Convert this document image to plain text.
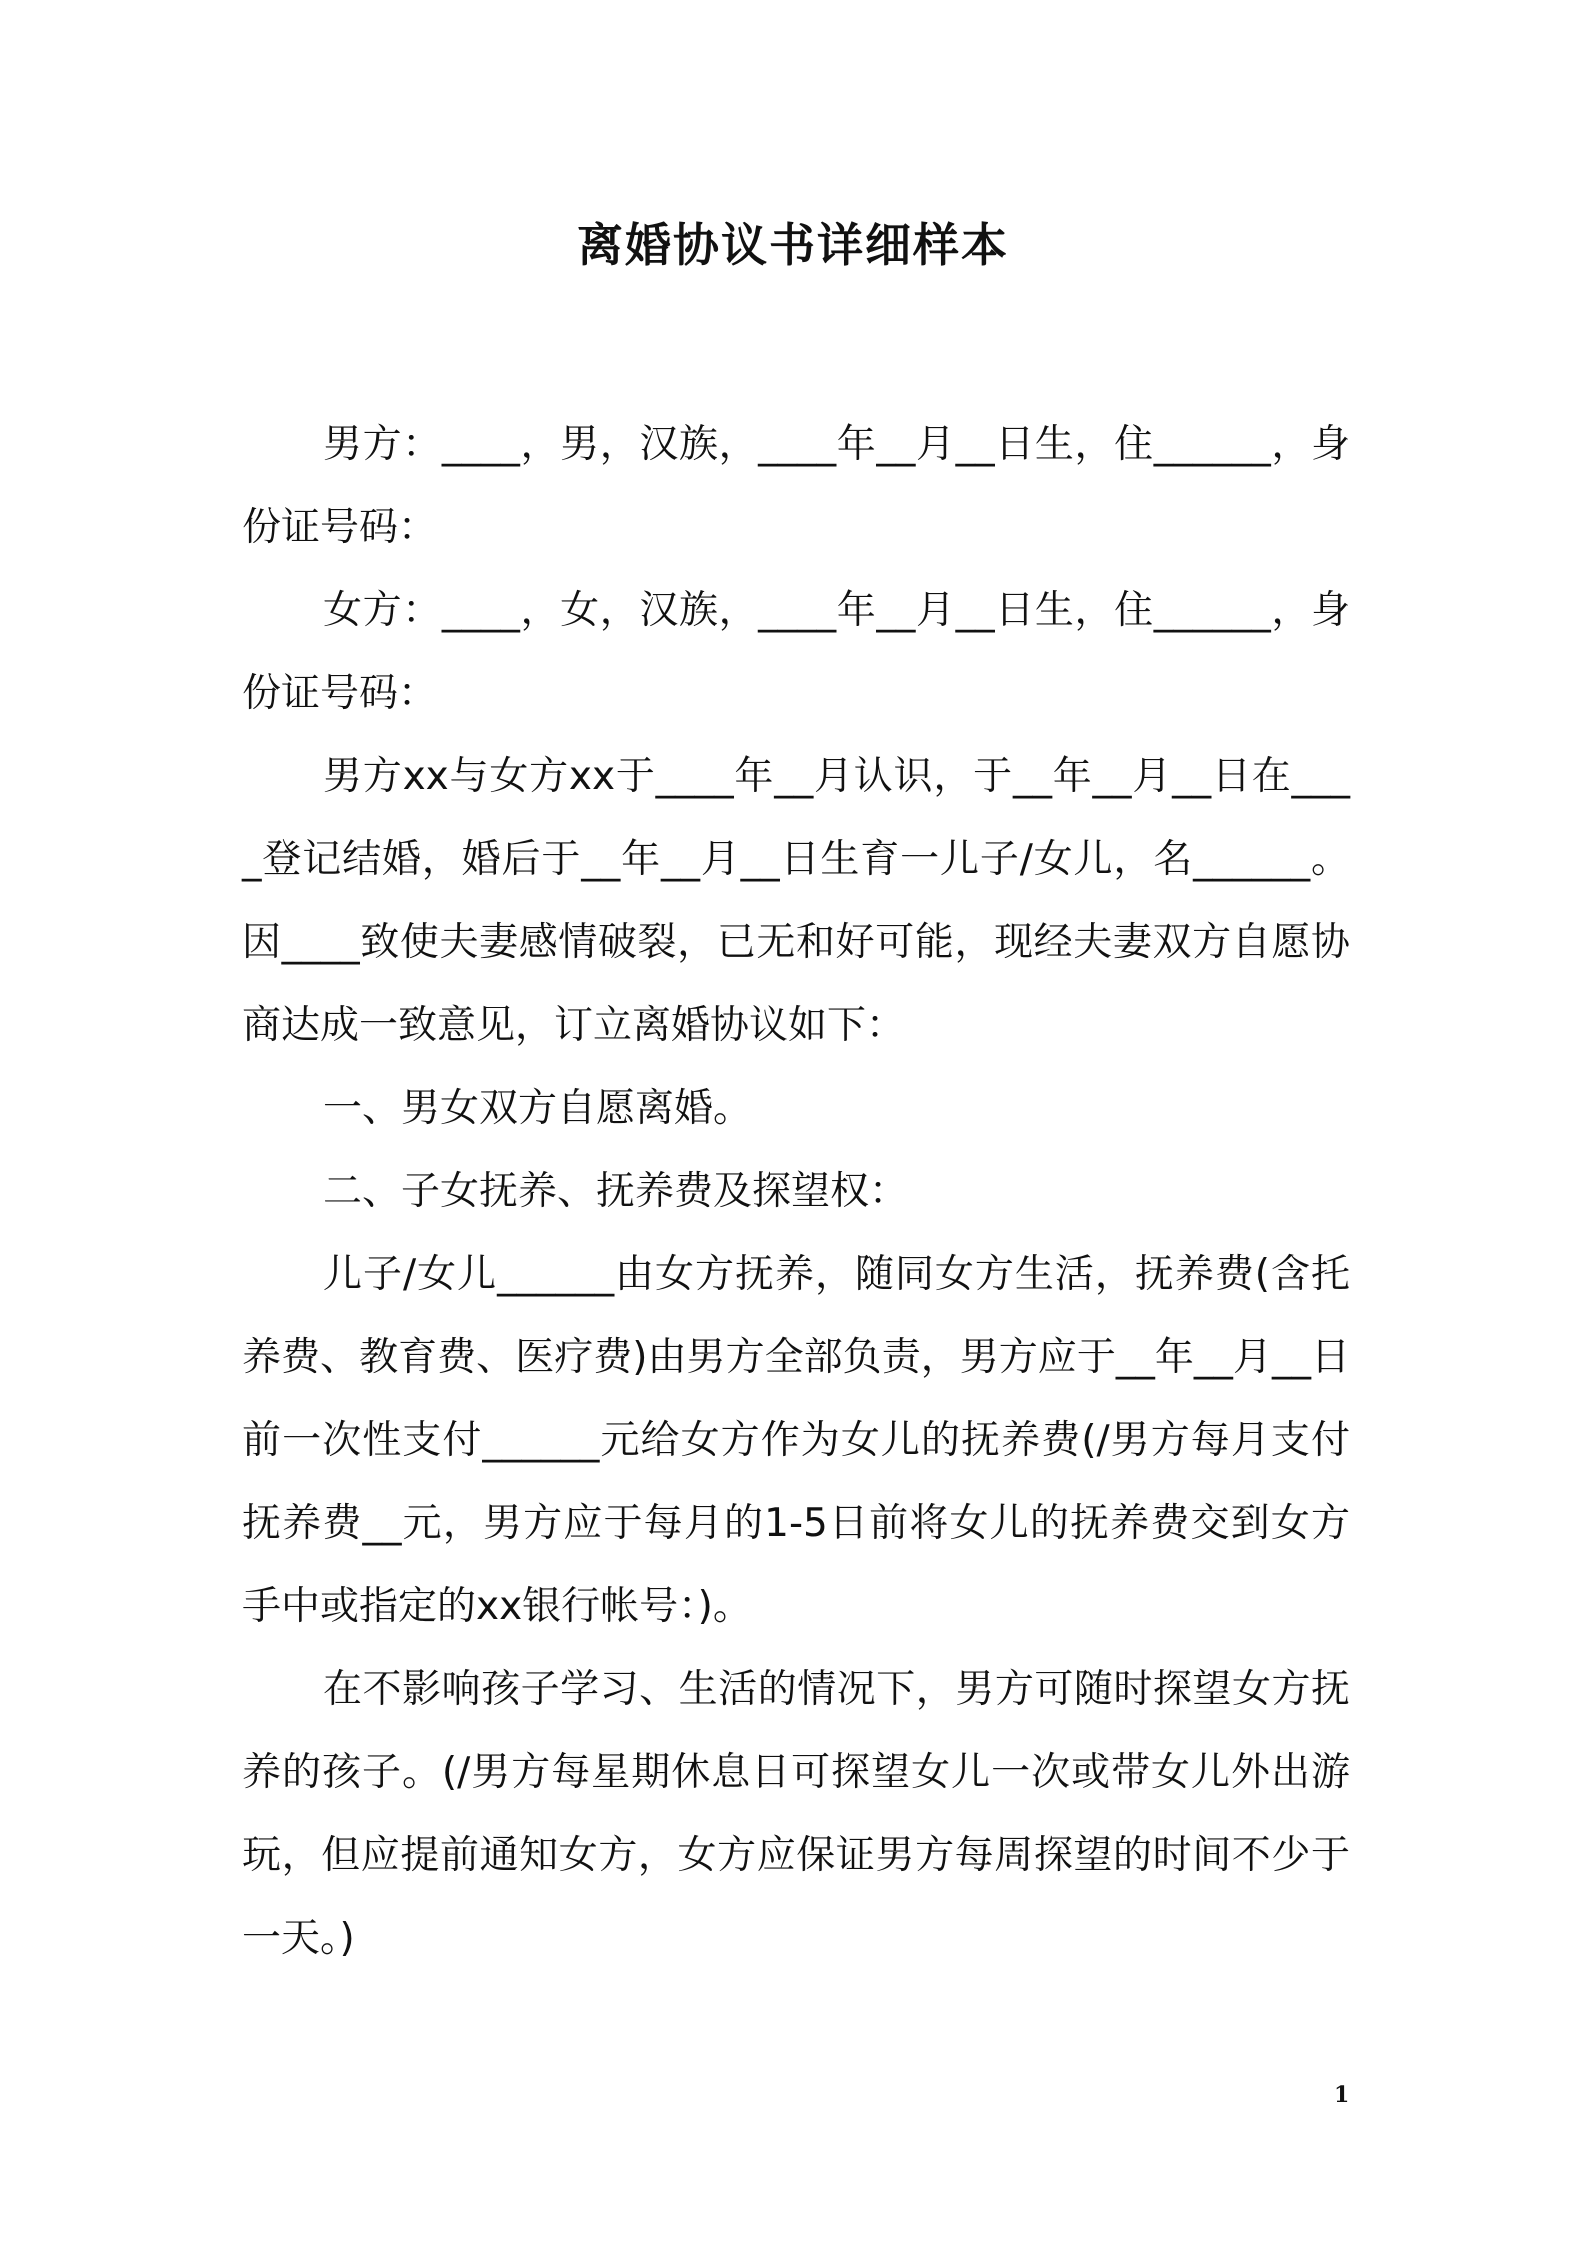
离婚协议书详细样本

男方：____，男，汉族，____年__月__日生，住______，身份证号码：

女方：____，女，汉族，____年__月__日生，住______，身份证号码：

男方xx与女方xx于____年__月认识，于__年__月__日在____登记结婚，婚后于__年__月__日生育一儿子/女儿，名______。因____致使夫妻感情破裂，已无和好可能，现经夫妻双方自愿协商达成一致意见，订立离婚协议如下：

一、男女双方自愿离婚。

二、子女抚养、抚养费及探望权：

儿子/女儿______由女方抚养，随同女方生活，抚养费(含托养费、教育费、医疗费)由男方全部负责，男方应于__年__月__日前一次性支付______元给女方作为女儿的抚养费(/男方每月支付抚养费__元，男方应于每月的1-5日前将女儿的抚养费交到女方手中或指定的xx银行帐号：)。

在不影响孩子学习、生活的情况下，男方可随时探望女方抚养的孩子。(/男方每星期休息日可探望女儿一次或带女儿外出游玩，但应提前通知女方，女方应保证男方每周探望的时间不少于一天。)

1
